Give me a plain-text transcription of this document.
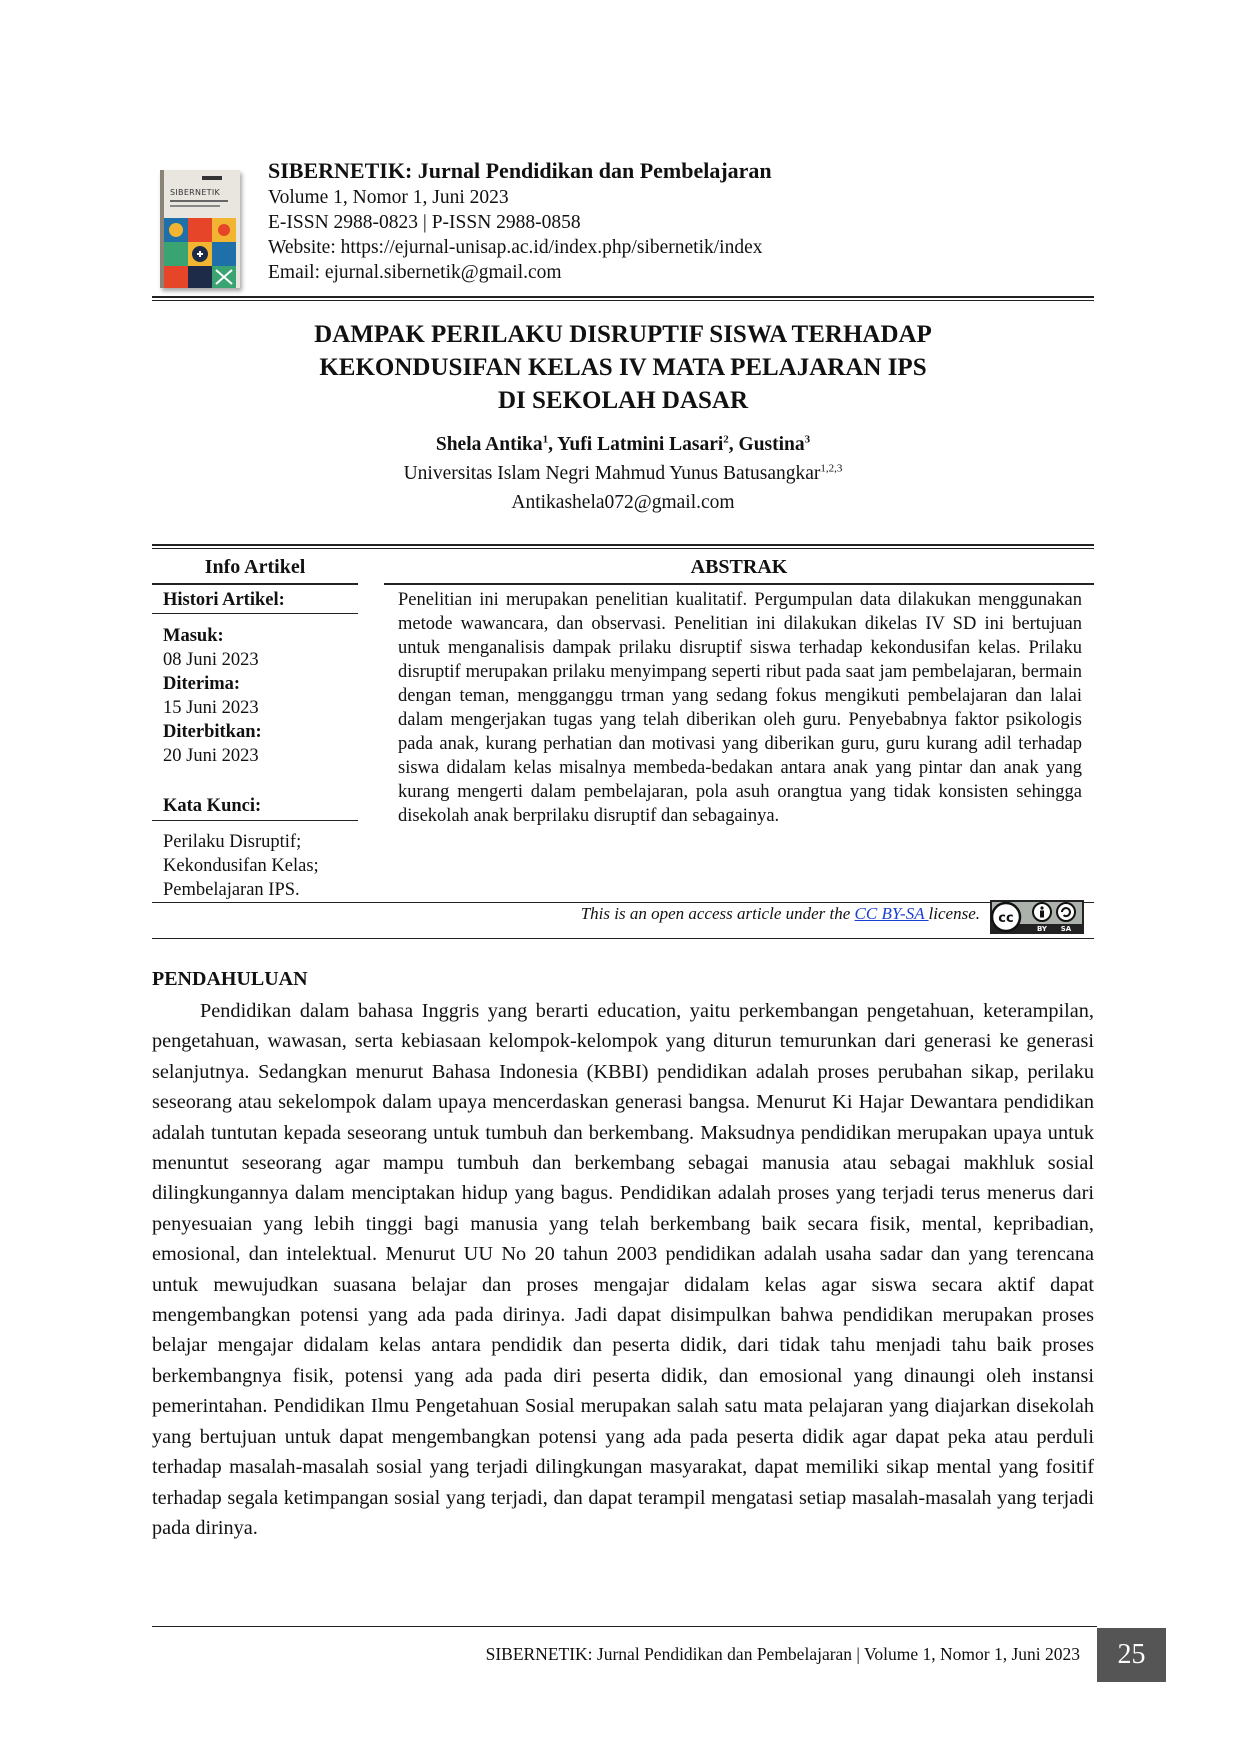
SIBERNETIK
SIBERNETIK: Jurnal Pendidikan dan Pembelajaran
Volume 1, Nomor 1, Juni 2023
E-ISSN 2988-0823 | P-ISSN 2988-0858
Website: https://ejurnal-unisap.ac.id/index.php/sibernetik/index
Email: ejurnal.sibernetik@gmail.com
DAMPAK PERILAKU DISRUPTIF SISWA TERHADAP
KEKONDUSIFAN KELAS IV MATA PELAJARAN IPS
DI SEKOLAH DASAR
Shela Antika$^1$, Yufi Latmini Lasari$^2$, Gustina$^3$
Universitas Islam Negri Mahmud Yunus Batusangkar$^{1,2,3}$
Antikashela072@gmail.com
Info Artikel	ABSTRAK
Histori Artikel:
Masuk:
08 Juni 2023
Diterima:
15 Juni 2023
Diterbitkan:
20 Juni 2023
Kata Kunci:
Perilaku Disruptif;
Kekondusifan Kelas;
Pembelajaran IPS.

Penelitian ini merupakan penelitian kualitatif. Pergumpulan data dilakukan menggunakan metode wawancara, dan observasi. Penelitian ini dilakukan dikelas IV SD ini bertujuan untuk menganalisis dampak prilaku disruptif siswa terhadap kekondusifan kelas. Prilaku disruptif merupakan prilaku menyimpang seperti ribut pada saat jam pembelajaran, bermain dengan teman, mengganggu trman yang sedang fokus mengikuti pembelajaran dan lalai dalam mengerjakan tugas yang telah diberikan oleh guru. Penyebabnya faktor psikologis pada anak, kurang perhatian dan motivasi yang diberikan guru, guru kurang adil terhadap siswa didalam kelas misalnya membeda-bedakan antara anak yang pintar dan anak yang kurang mengerti dalam pembelajaran, pola asuh orangtua yang tidak konsisten sehingga disekolah anak berprilaku disruptif dan sebagainya.

This is an open access article under the CC BY-SA license. cc
BY SA
PENDAHULUAN

Pendidikan dalam bahasa Inggris yang berarti education, yaitu perkembangan pengetahuan, keterampilan, pengetahuan, wawasan, serta kebiasaan kelompok-kelompok yang diturun temurunkan dari generasi ke generasi selanjutnya. Sedangkan menurut Bahasa Indonesia (KBBI) pendidikan adalah proses perubahan sikap, perilaku seseorang atau sekelompok dalam upaya mencerdaskan generasi bangsa. Menurut Ki Hajar Dewantara pendidikan adalah tuntutan kepada seseorang untuk tumbuh dan berkembang. Maksudnya pendidikan merupakan upaya untuk menuntut seseorang agar mampu tumbuh dan berkembang sebagai manusia atau sebagai makhluk sosial dilingkungannya dalam menciptakan hidup yang bagus. Pendidikan adalah proses yang terjadi terus menerus dari penyesuaian yang lebih tinggi bagi manusia yang telah berkembang baik secara fisik, mental, kepribadian, emosional, dan intelektual. Menurut UU No 20 tahun 2003 pendidikan adalah usaha sadar dan yang terencana untuk mewujudkan suasana belajar dan proses mengajar didalam kelas agar siswa secara aktif dapat mengembangkan potensi yang ada pada dirinya. Jadi dapat disimpulkan bahwa pendidikan merupakan proses belajar mengajar didalam kelas antara pendidik dan peserta didik, dari tidak tahu menjadi tahu baik proses berkembangnya fisik, potensi yang ada pada diri peserta didik, dan emosional yang dinaungi oleh instansi pemerintahan. Pendidikan Ilmu Pengetahuan Sosial merupakan salah satu mata pelajaran yang diajarkan disekolah yang bertujuan untuk dapat mengembangkan potensi yang ada pada peserta didik agar dapat peka atau perduli terhadap masalah-masalah sosial yang terjadi dilingkungan masyarakat, dapat memiliki sikap mental yang fositif terhadap segala ketimpangan sosial yang terjadi, dan dapat terampil mengatasi setiap masalah-masalah yang terjadi pada dirinya.

SIBERNETIK: Jurnal Pendidikan dan Pembelajaran | Volume 1, Nomor 1, Juni 2023	25
